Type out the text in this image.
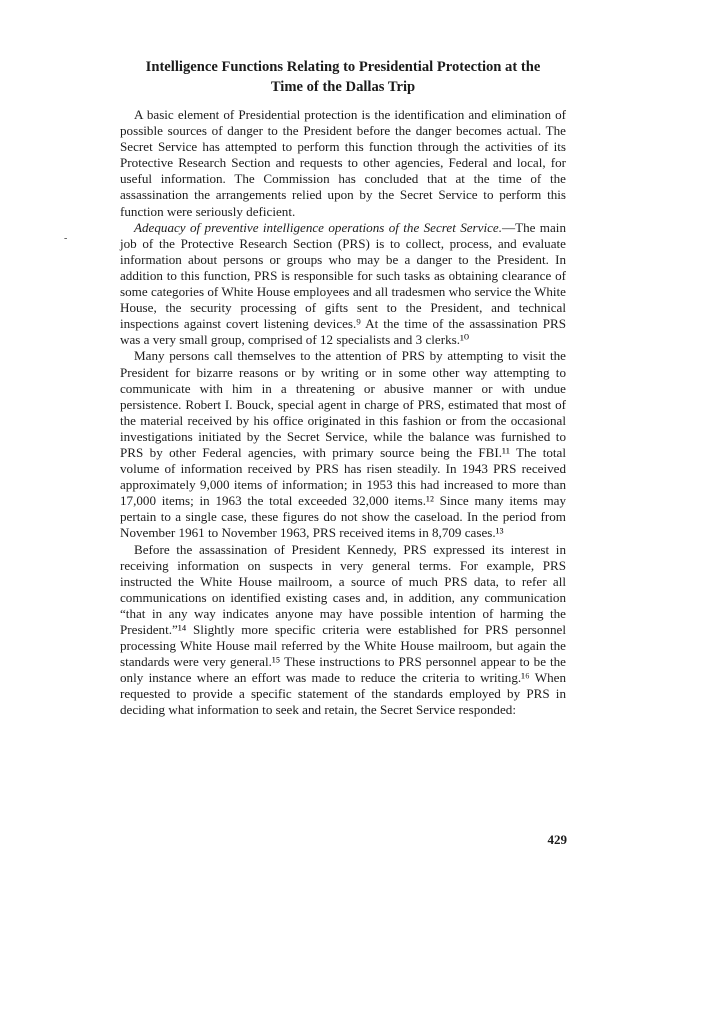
Intelligence Functions Relating to Presidential Protection at the
Time of the Dallas Trip

A basic element of Presidential protection is the identification and elimination of possible sources of danger to the President before the danger becomes actual. The Secret Service has attempted to perform this function through the activities of its Protective Research Section and requests to other agencies, Federal and local, for useful information. The Commission has concluded that at the time of the assassination the arrangements relied upon by the Secret Service to perform this function were seriously deficient.

Adequacy of preventive intelligence operations of the Secret Service.—The main job of the Protective Research Section (PRS) is to collect, process, and evaluate information about persons or groups who may be a danger to the President. In addition to this function, PRS is responsible for such tasks as obtaining clearance of some categories of White House employees and all tradesmen who service the White House, the security processing of gifts sent to the President, and technical inspections against covert listening devices.⁹ At the time of the assassination PRS was a very small group, comprised of 12 specialists and 3 clerks.¹⁰

Many persons call themselves to the attention of PRS by attempting to visit the President for bizarre reasons or by writing or in some other way attempting to communicate with him in a threatening or abusive manner or with undue persistence. Robert I. Bouck, special agent in charge of PRS, estimated that most of the material received by his office originated in this fashion or from the occasional investigations initiated by the Secret Service, while the balance was furnished to PRS by other Federal agencies, with primary source being the FBI.¹¹ The total volume of information received by PRS has risen steadily. In 1943 PRS received approximately 9,000 items of information; in 1953 this had increased to more than 17,000 items; in 1963 the total exceeded 32,000 items.¹² Since many items may pertain to a single case, these figures do not show the caseload. In the period from November 1961 to November 1963, PRS received items in 8,709 cases.¹³

Before the assassination of President Kennedy, PRS expressed its interest in receiving information on suspects in very general terms. For example, PRS instructed the White House mailroom, a source of much PRS data, to refer all communications on identified existing cases and, in addition, any communication “that in any way indicates anyone may have possible intention of harming the President.”¹⁴ Slightly more specific criteria were established for PRS personnel processing White House mail referred by the White House mailroom, but again the standards were very general.¹⁵ These instructions to PRS personnel appear to be the only instance where an effort was made to reduce the criteria to writing.¹⁶ When requested to provide a specific statement of the standards employed by PRS in deciding what information to seek and retain, the Secret Service responded:

-
429
